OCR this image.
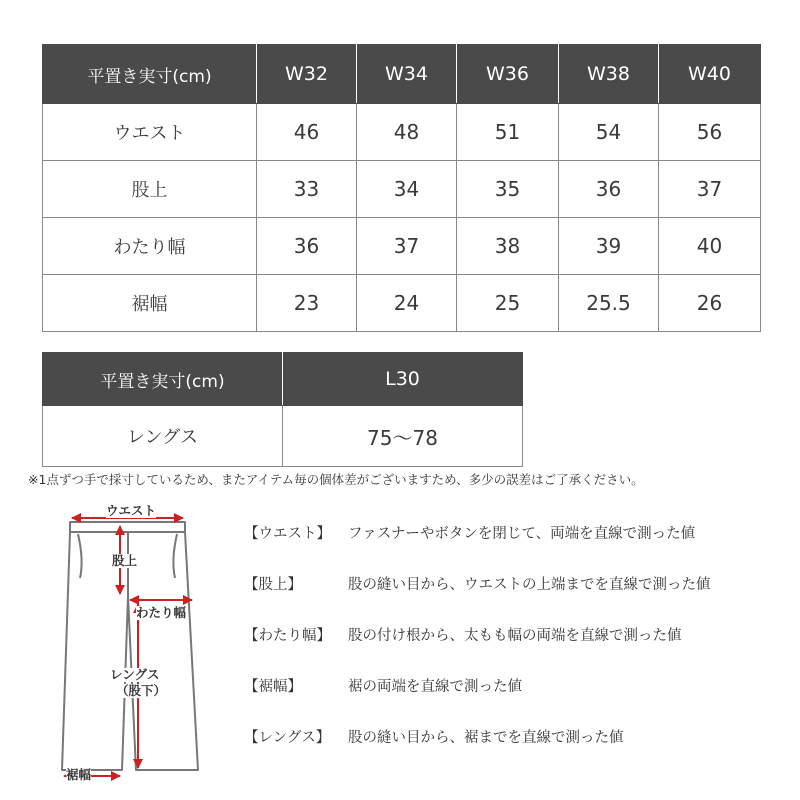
平置き実寸(cm)	W32	W34	W36	W38	W40
ウエスト	46	48	51	54	56
股上	33	34	35	36	37
わたり幅	36	37	38	39	40
裾幅	23	24	25	25.5	26
平置き実寸(cm)	L30
レングス	75〜78
※1点ずつ手で採寸しているため、またアイテム毎の個体差がございますため、多少の誤差はご了承ください。
ウエスト
股上
わたり幅
レングス
（股下）
裾幅
【ウエスト】	ファスナーやボタンを閉じて、両端を直線で測った値
【股上】	股の縫い目から、ウエストの上端までを直線で測った値
【わたり幅】	股の付け根から、太もも幅の両端を直線で測った値
【裾幅】	裾の両端を直線で測った値
【レングス】	股の縫い目から、裾までを直線で測った値
